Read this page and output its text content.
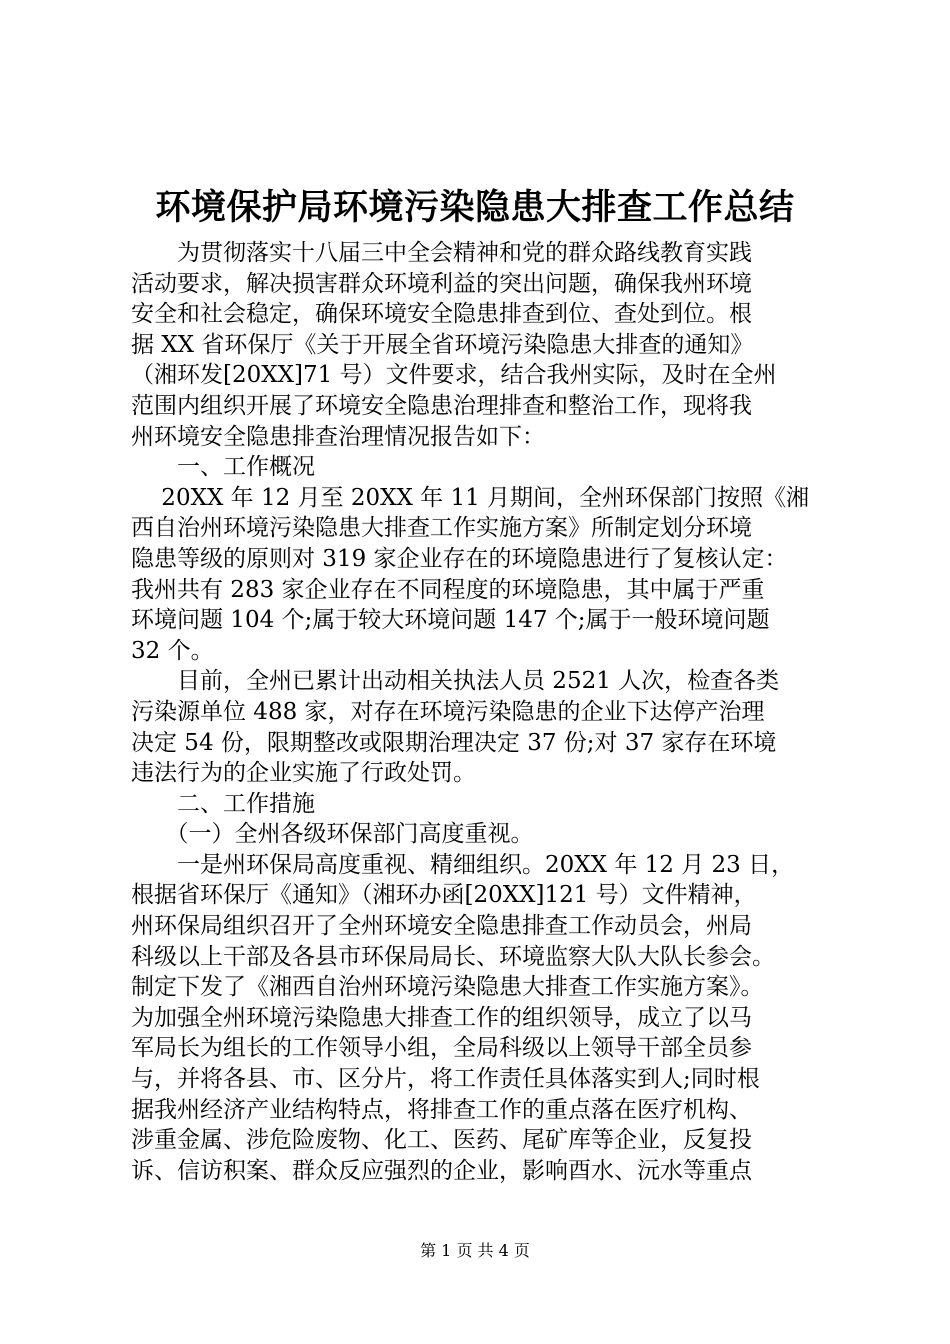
环境保护局环境污染隐患大排查工作总结
　　为贯彻落实十八届三中全会精神和党的群众路线教育实践
活动要求，解决损害群众环境利益的突出问题，确保我州环境
安全和社会稳定，确保环境安全隐患排查到位、查处到位。根
据 XX 省环保厅《关于开展全省环境污染隐患大排查的通知》
（湘环发[20XX]71 号）文件要求，结合我州实际，及时在全州
范围内组织开展了环境安全隐患治理排查和整治工作，现将我
州环境安全隐患排查治理情况报告如下：
　　一、工作概况
　 20XX 年 12 月至 20XX 年 11 月期间，全州环保部门按照《湘
西自治州环境污染隐患大排查工作实施方案》所制定划分环境
隐患等级的原则对 319 家企业存在的环境隐患进行了复核认定：
我州共有 283 家企业存在不同程度的环境隐患，其中属于严重
环境问题 104 个;属于较大环境问题 147 个;属于一般环境问题
32 个。
　　目前，全州已累计出动相关执法人员 2521 人次，检查各类
污染源单位 488 家，对存在环境污染隐患的企业下达停产治理
决定 54 份，限期整改或限期治理决定 37 份;对 37 家存在环境
违法行为的企业实施了行政处罚。
　　二、工作措施
　　（一）全州各级环保部门高度重视。
　　一是州环保局高度重视、精细组织。20XX 年 12 月 23 日，
根据省环保厅《通知》（湘环办函[20XX]121 号）文件精神，
州环保局组织召开了全州环境安全隐患排查工作动员会，州局
科级以上干部及各县市环保局局长、环境监察大队大队长参会。
制定下发了《湘西自治州环境污染隐患大排查工作实施方案》。
为加强全州环境污染隐患大排查工作的组织领导，成立了以马
军局长为组长的工作领导小组，全局科级以上领导干部全员参
与，并将各县、市、区分片，将工作责任具体落实到人;同时根
据我州经济产业结构特点，将排查工作的重点落在医疗机构、
涉重金属、涉危险废物、化工、医药、尾矿库等企业，反复投
诉、信访积案、群众反应强烈的企业，影响酉水、沅水等重点
第 1 页 共 4 页
